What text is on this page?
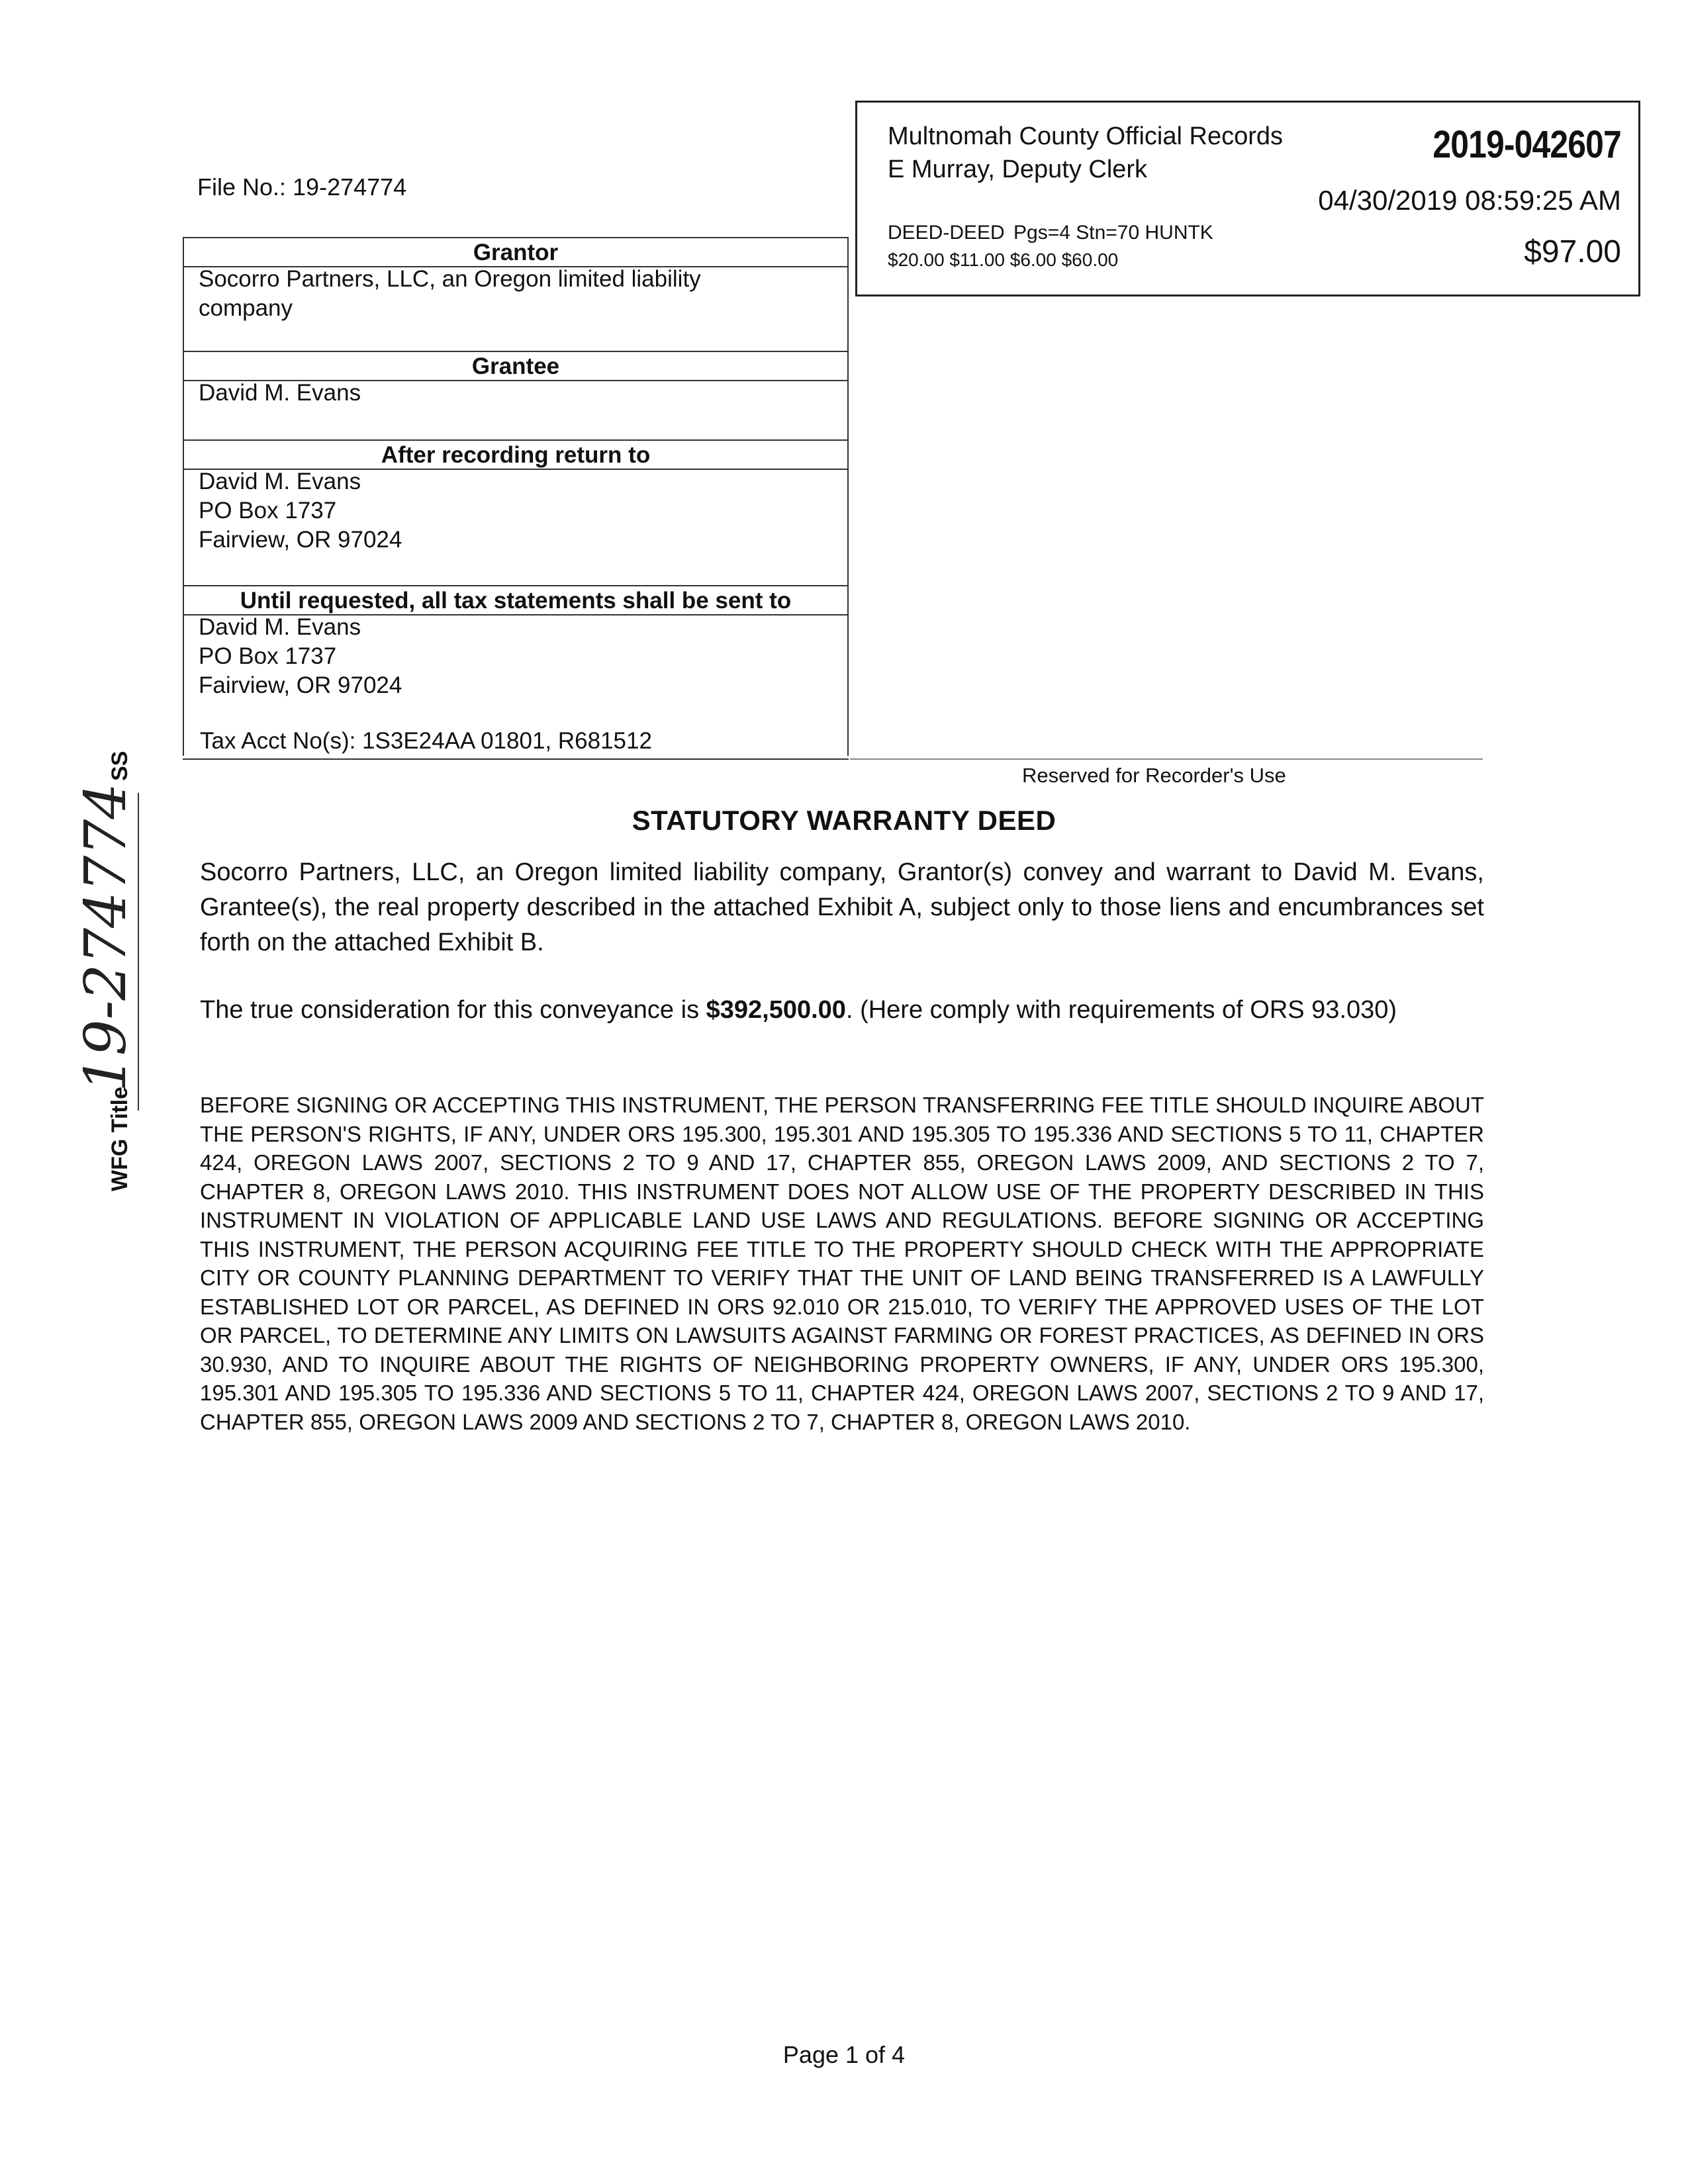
File No.: 19-274774
Multnomah County Official Records
E Murray, Deputy Clerk
2019-042607
04/30/2019 08:59:25 AM
DEED-DEED Pgs=4 Stn=70 HUNTK
$20.00 $11.00 $6.00 $60.00	$97.00
Grantor
Socorro Partners, LLC, an Oregon limited liability
company
Grantee
David M. Evans
After recording return to
David M. Evans
PO Box 1737
Fairview, OR 97024
Until requested, all tax statements shall be sent to
David M. Evans
PO Box 1737
Fairview, OR 97024
Tax Acct No(s): 1S3E24AA 01801, R681512
Reserved for Recorder's Use
STATUTORY WARRANTY DEED
Socorro Partners, LLC, an Oregon limited liability company, Grantor(s) convey and warrant to David M. Evans, Grantee(s), the real property described in the attached Exhibit A, subject only to those liens and encumbrances set forth on the attached Exhibit B.
The true consideration for this conveyance is $392,500.00. (Here comply with requirements of ORS 93.030)
BEFORE SIGNING OR ACCEPTING THIS INSTRUMENT, THE PERSON TRANSFERRING FEE TITLE SHOULD INQUIRE ABOUT THE PERSON'S RIGHTS, IF ANY, UNDER ORS 195.300, 195.301 AND 195.305 TO 195.336 AND SECTIONS 5 TO 11, CHAPTER 424, OREGON LAWS 2007, SECTIONS 2 TO 9 AND 17, CHAPTER 855, OREGON LAWS 2009, AND SECTIONS 2 TO 7, CHAPTER 8, OREGON LAWS 2010. THIS INSTRUMENT DOES NOT ALLOW USE OF THE PROPERTY DESCRIBED IN THIS INSTRUMENT IN VIOLATION OF APPLICABLE LAND USE LAWS AND REGULATIONS. BEFORE SIGNING OR ACCEPTING THIS INSTRUMENT, THE PERSON ACQUIRING FEE TITLE TO THE PROPERTY SHOULD CHECK WITH THE APPROPRIATE CITY OR COUNTY PLANNING DEPARTMENT TO VERIFY THAT THE UNIT OF LAND BEING TRANSFERRED IS A LAWFULLY ESTABLISHED LOT OR PARCEL, AS DEFINED IN ORS 92.010 OR 215.010, TO VERIFY THE APPROVED USES OF THE LOT OR PARCEL, TO DETERMINE ANY LIMITS ON LAWSUITS AGAINST FARMING OR FOREST PRACTICES, AS DEFINED IN ORS 30.930, AND TO INQUIRE ABOUT THE RIGHTS OF NEIGHBORING PROPERTY OWNERS, IF ANY, UNDER ORS 195.300, 195.301 AND 195.305 TO 195.336 AND SECTIONS 5 TO 11, CHAPTER 424, OREGON LAWS 2007, SECTIONS 2 TO 9 AND 17, CHAPTER 855, OREGON LAWS 2009 AND SECTIONS 2 TO 7, CHAPTER 8, OREGON LAWS 2010.
WFG Title
19-274774
SS
Page 1 of 4
